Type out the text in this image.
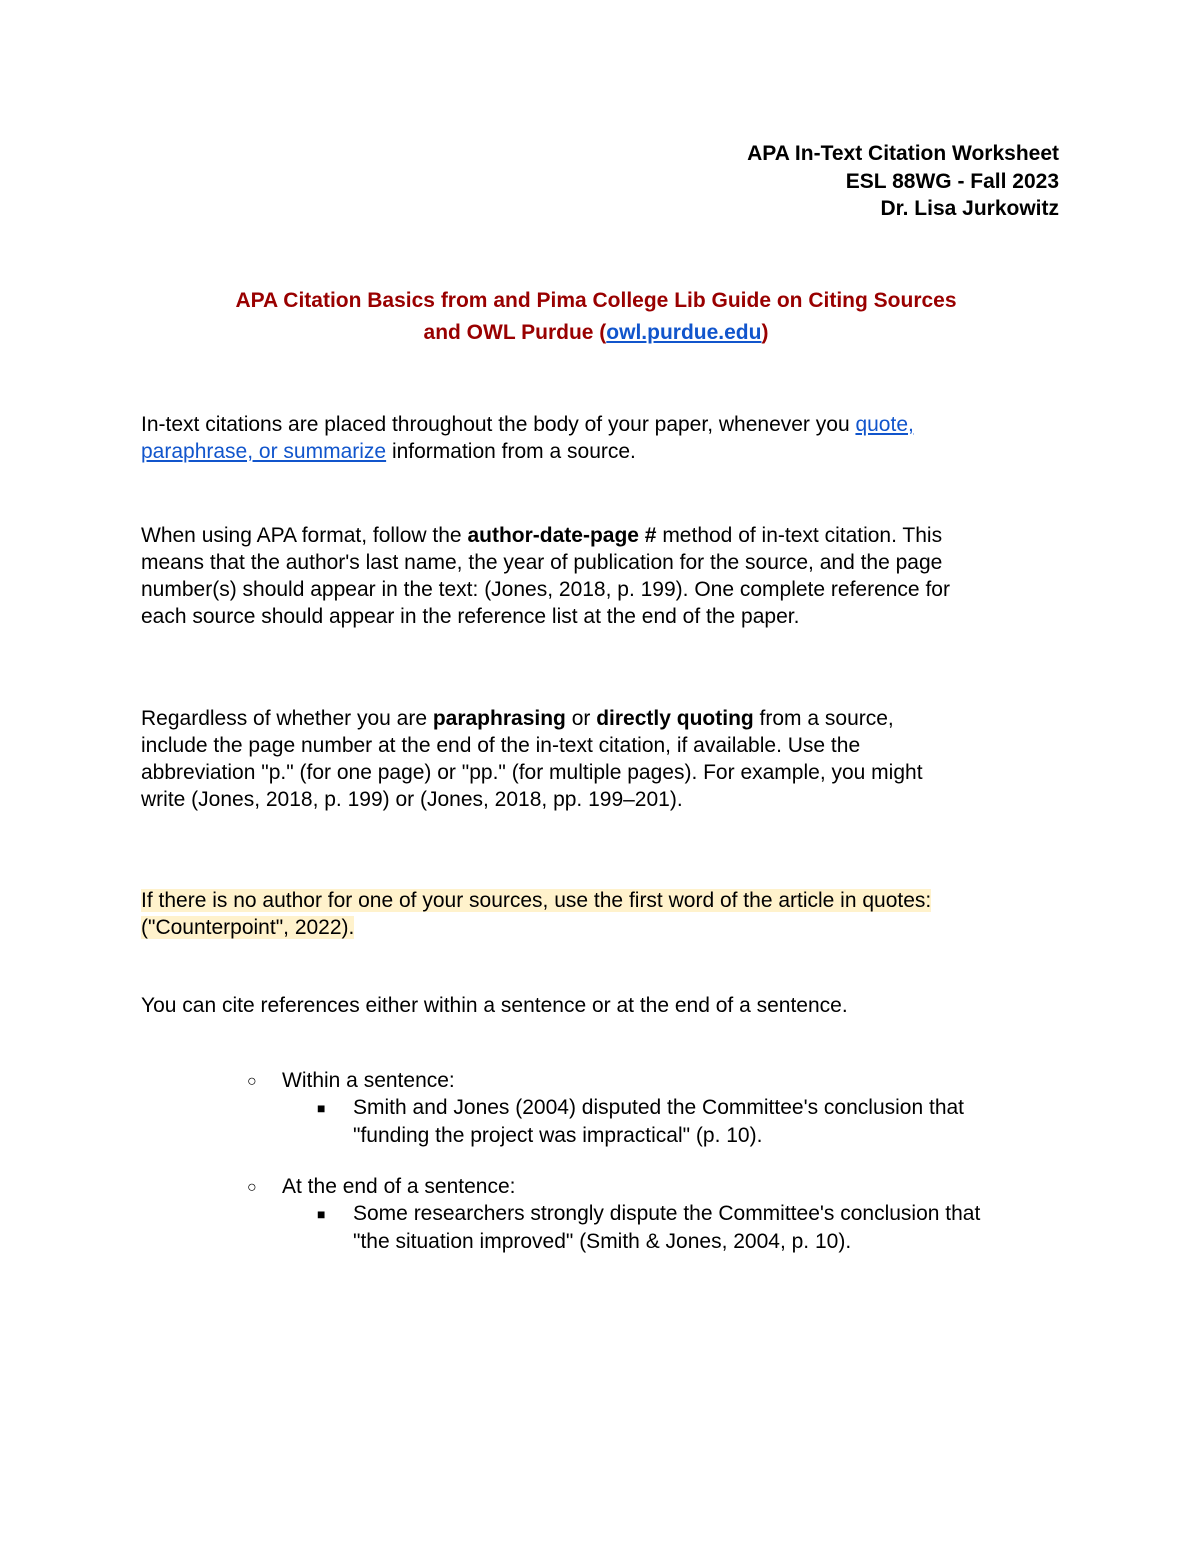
APA In-Text Citation Worksheet
ESL 88WG - Fall 2023
Dr. Lisa Jurkowitz
APA Citation Basics from and Pima College Lib Guide on Citing Sources
and OWL Purdue (owl.purdue.edu)
In-text citations are placed throughout the body of your paper, whenever you quote,
paraphrase, or summarize information from a source.
When using APA format, follow the author-date-page # method of in-text citation. This
means that the author's last name, the year of publication for the source, and the page
number(s) should appear in the text: (Jones, 2018, p. 199). One complete reference for
each source should appear in the reference list at the end of the paper.
Regardless of whether you are paraphrasing or directly quoting from a source,
include the page number at the end of the in-text citation, if available. Use the
abbreviation "p." (for one page) or "pp." (for multiple pages). For example, you might
write (Jones, 2018, p. 199) or (Jones, 2018, pp. 199–201).
If there is no author for one of your sources, use the first word of the article in quotes:
("Counterpoint", 2022).
You can cite references either within a sentence or at the end of a sentence.
○ Within a sentence:
■ Smith and Jones (2004) disputed the Committee's conclusion that
"funding the project was impractical" (p. 10).
○ At the end of a sentence:
■ Some researchers strongly dispute the Committee's conclusion that
"the situation improved" (Smith & Jones, 2004, p. 10).
